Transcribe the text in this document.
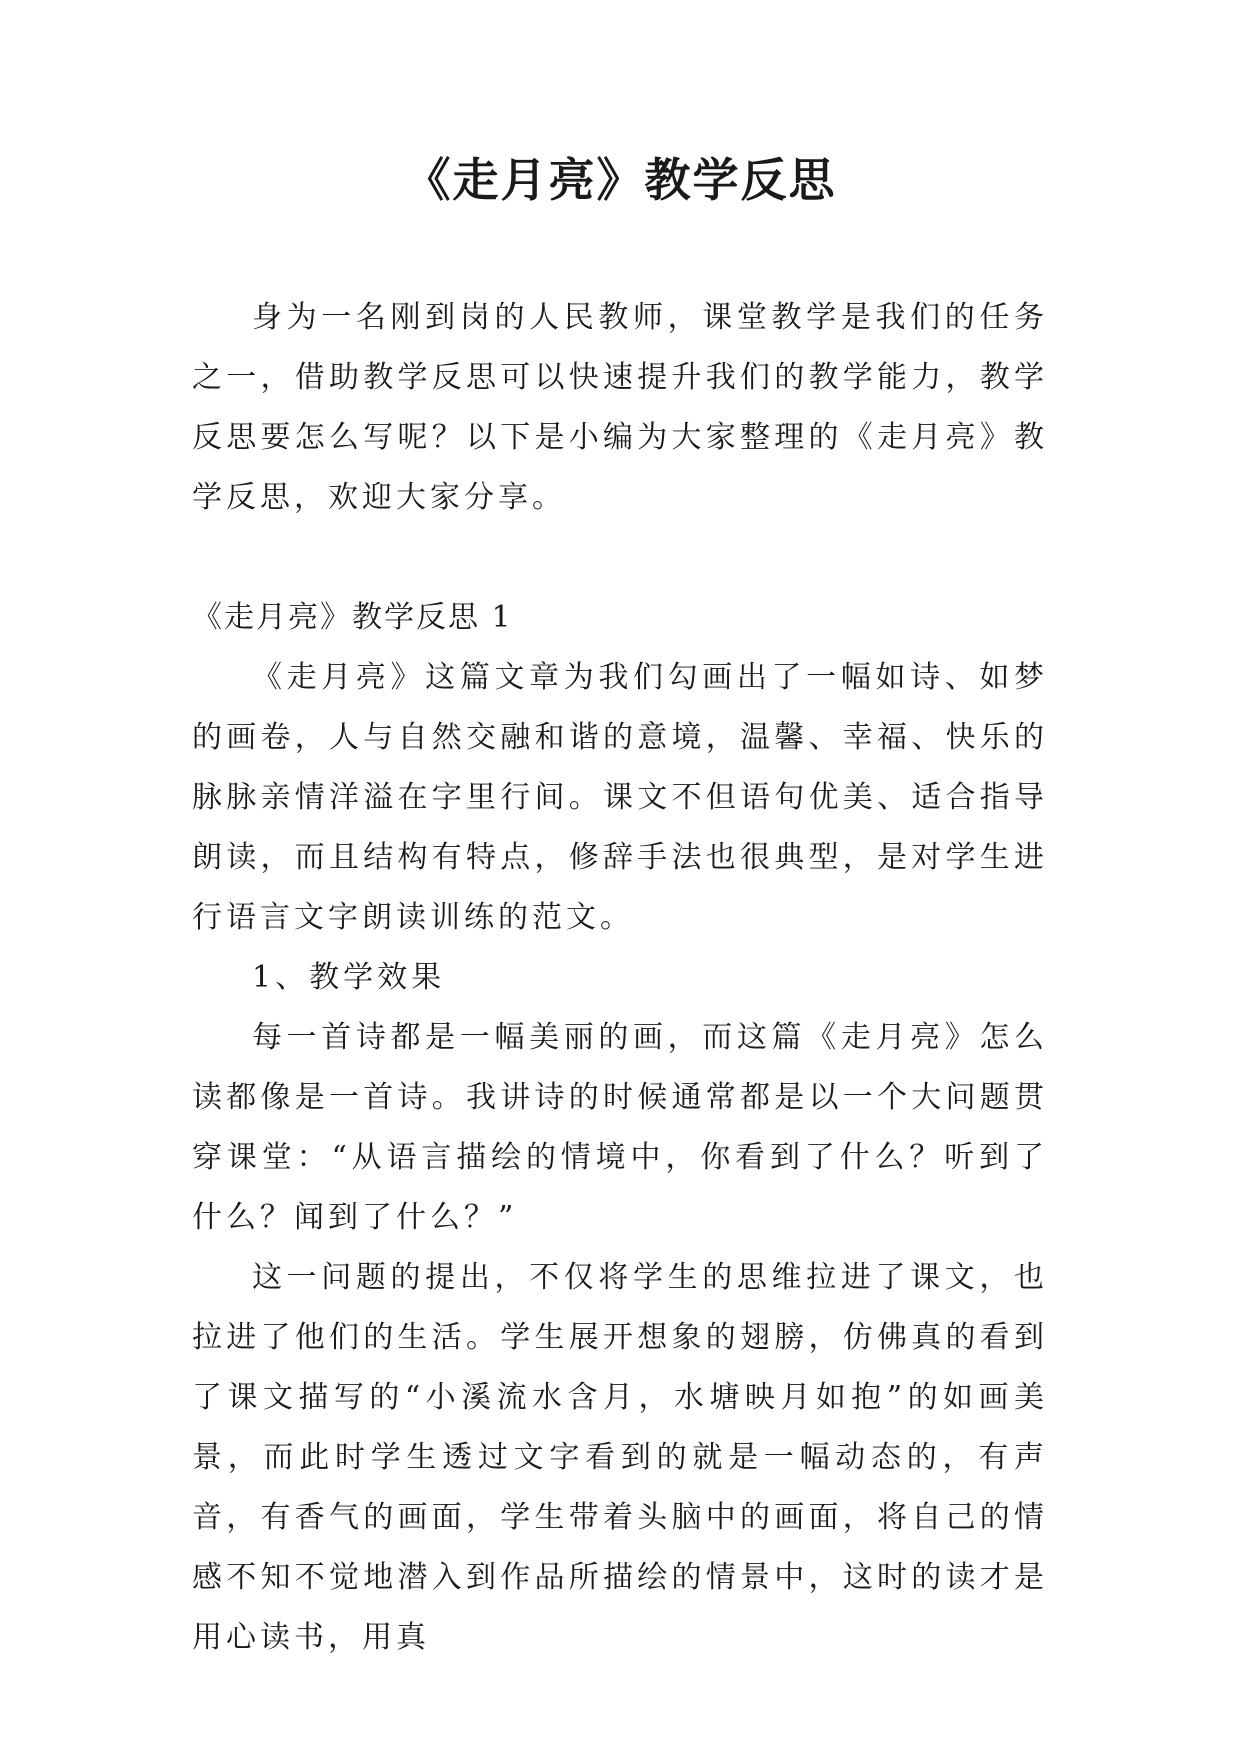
《走月亮》教学反思

身为一名刚到岗的人民教师，课堂教学是我们的任务之一，借助教学反思可以快速提升我们的教学能力，教学反思要怎么写呢？以下是小编为大家整理的《走月亮》教学反思，欢迎大家分享。

《走月亮》教学反思 1

《走月亮》这篇文章为我们勾画出了一幅如诗、如梦的画卷，人与自然交融和谐的意境，温馨、幸福、快乐的脉脉亲情洋溢在字里行间。课文不但语句优美、适合指导朗读，而且结构有特点，修辞手法也很典型，是对学生进行语言文字朗读训练的范文。

1、教学效果

每一首诗都是一幅美丽的画，而这篇《走月亮》怎么读都像是一首诗。我讲诗的时候通常都是以一个大问题贯穿课堂：“从语言描绘的情境中，你看到了什么？听到了什么？闻到了什么？”

这一问题的提出，不仅将学生的思维拉进了课文，也拉进了他们的生活。学生展开想象的翅膀，仿佛真的看到了课文描写的“小溪流水含月，水塘映月如抱”的如画美景，而此时学生透过文字看到的就是一幅动态的，有声音，有香气的画面，学生带着头脑中的画面，将自己的情感不知不觉地潜入到作品所描绘的情景中，这时的读才是用心读书，用真
